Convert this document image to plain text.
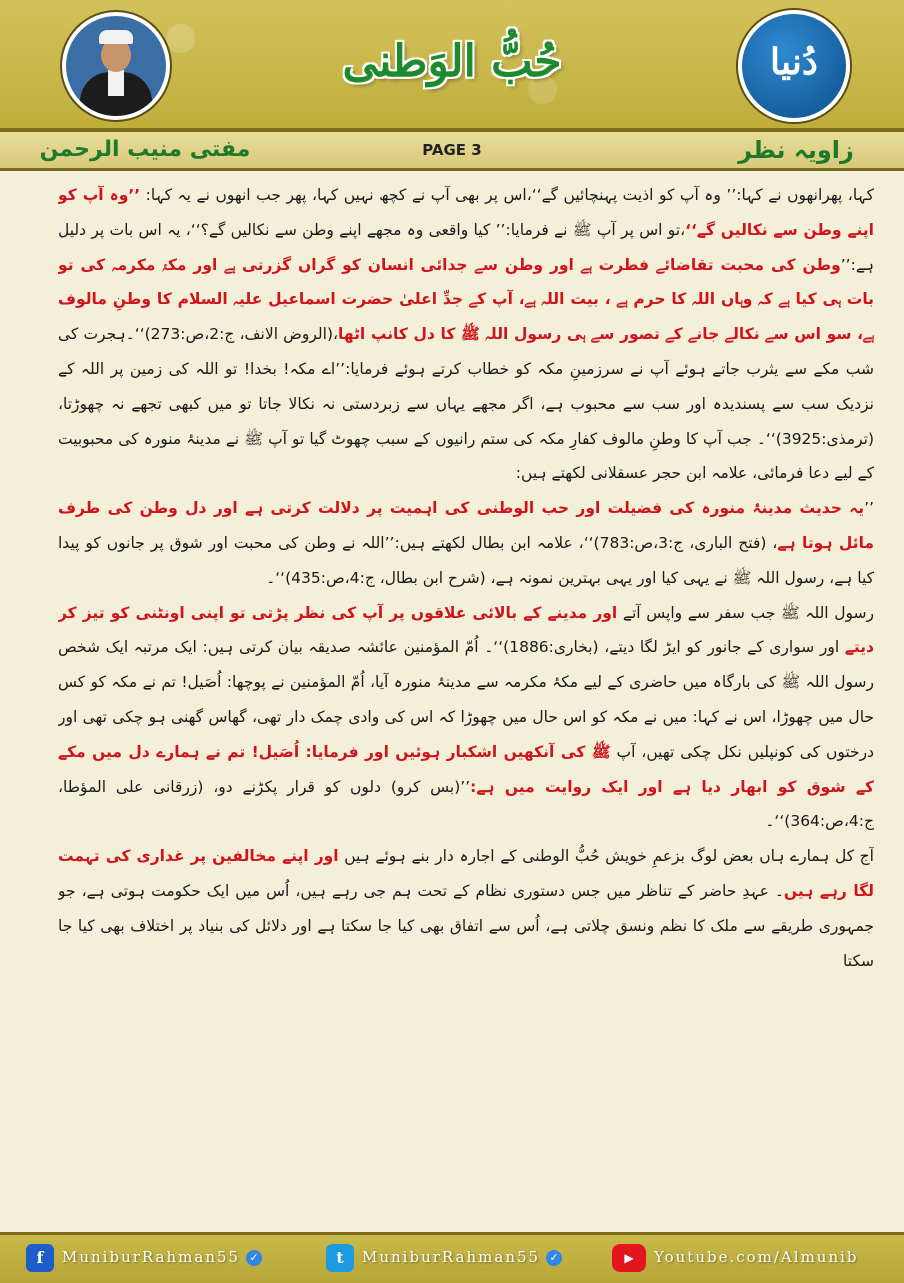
حُبُّ الوَطنی	دُنیا
مفتی منیب الرحمن	PAGE 3	زاویہ نظر

کہا، پھرانھوں نے کہا:’’ وہ آپ کو اذیت پہنچائیں گے‘‘،اس پر بھی آپ نے کچھ نہیں کہا، پھر جب انھوں نے یہ کہا: ’’وہ آپ کو اپنے وطن سے نکالیں گے‘‘،تو اس پر آپ ﷺ نے فرمایا:’’ کیا واقعی وہ مجھے اپنے وطن سے نکالیں گے؟‘‘، یہ اس بات پر دلیل ہے:’’وطن کی محبت تقاضائے فطرت ہے اور وطن سے جدائی انسان کو گراں گزرتی ہے اور مکۂ مکرمہ کی تو بات ہی کیا ہے کہ وہاں اللہ کا حرم ہے ، بیت اللہ ہے، آپ کے جدِّ اعلیٰ حضرت اسماعیل علیہ السلام کا وطنِ مالوف ہے، سو اس سے نکالے جانے کے تصور سے ہی رسول اللہ ﷺ کا دل کانپ اٹھا،(الروض الانف، ج:2،ص:273)‘‘۔ہجرت کی شب مکے سے یثرب جاتے ہوئے آپ نے سرزمینِ مکہ کو خطاب کرتے ہوئے فرمایا:’’اے مکہ! بخدا! تو اللہ کی زمین پر اللہ کے نزدیک سب سے پسندیدہ اور سب سے محبوب ہے، اگر مجھے یہاں سے زبردستی نہ نکالا جاتا تو میں کبھی تجھے نہ چھوڑتا، (ترمذی:3925)‘‘۔ جب آپ کا وطنِ مالوف کفارِ مکہ کی ستم رانیوں کے سبب چھوٹ گیا تو آپ ﷺ نے مدینۂ منورہ کی محبوبیت کے لیے دعا فرمائی، علامہ ابن حجر عسقلانی لکھتے ہیں:

’’یہ حدیث مدینۂ منورہ کی فضیلت اور حب الوطنی کی اہمیت پر دلالت کرتی ہے اور دل وطن کی طرف مائل ہوتا ہے، (فتح الباری، ج:3،ص:783)‘‘، علامہ ابن بطال لکھتے ہیں:’’اللہ نے وطن کی محبت اور شوق پر جانوں کو پیدا کیا ہے، رسول اللہ ﷺ نے یہی کیا اور یہی بہترین نمونہ ہے، (شرح ابن بطال، ج:4،ص:435)‘‘۔

رسول اللہ ﷺ جب سفر سے واپس آتے اور مدینے کے بالائی علاقوں پر آپ کی نظر پڑتی تو اپنی اونٹنی کو تیز کر دیتے اور سواری کے جانور کو ایڑ لگا دیتے، (بخاری:1886)‘‘۔ اُمّ المؤمنین عائشہ صدیقہ بیان کرتی ہیں: ایک مرتبہ ایک شخص رسول اللہ ﷺ کی بارگاہ میں حاضری کے لیے مکۂ مکرمہ سے مدینۂ منورہ آیا، اُمّ المؤمنین نے پوچھا: اُصَیل! تم نے مکہ کو کس حال میں چھوڑا، اس نے کہا: میں نے مکہ کو اس حال میں چھوڑا کہ اس کی وادی چمک دار تھی، گھاس گھنی ہو چکی تھی اور درختوں کی کونپلیں نکل چکی تھیں، آپ ﷺ کی آنکھیں اشکبار ہوئیں اور فرمایا: اُصَیل! تم نے ہمارے دل میں مکے کے شوق کو ابھار دیا ہے اور ایک روایت میں ہے:’’(بس کرو) دلوں کو قرار پکڑنے دو، (زرقانی علی المؤطا، ج:4،ص:364)‘‘۔

آج کل ہمارے ہاں بعض لوگ بزعمِ خویش حُبُّ الوطنی کے اجارہ دار بنے ہوئے ہیں اور اپنے مخالفین پر غداری کی تہمت لگا رہے ہیں۔ عہدِ حاضر کے تناظر میں جس دستوری نظام کے تحت ہم جی رہے ہیں، اُس میں ایک حکومت ہوتی ہے، جو جمہوری طریقے سے ملک کا نظم ونسق چلاتی ہے، اُس سے اتفاق بھی کیا جا سکتا ہے اور دلائل کی بنیاد پر اختلاف بھی کیا جا سکتا

f MuniburRahman55 ✓	t MuniburRahman55 ✓	▶ Youtube.com/Almunib
